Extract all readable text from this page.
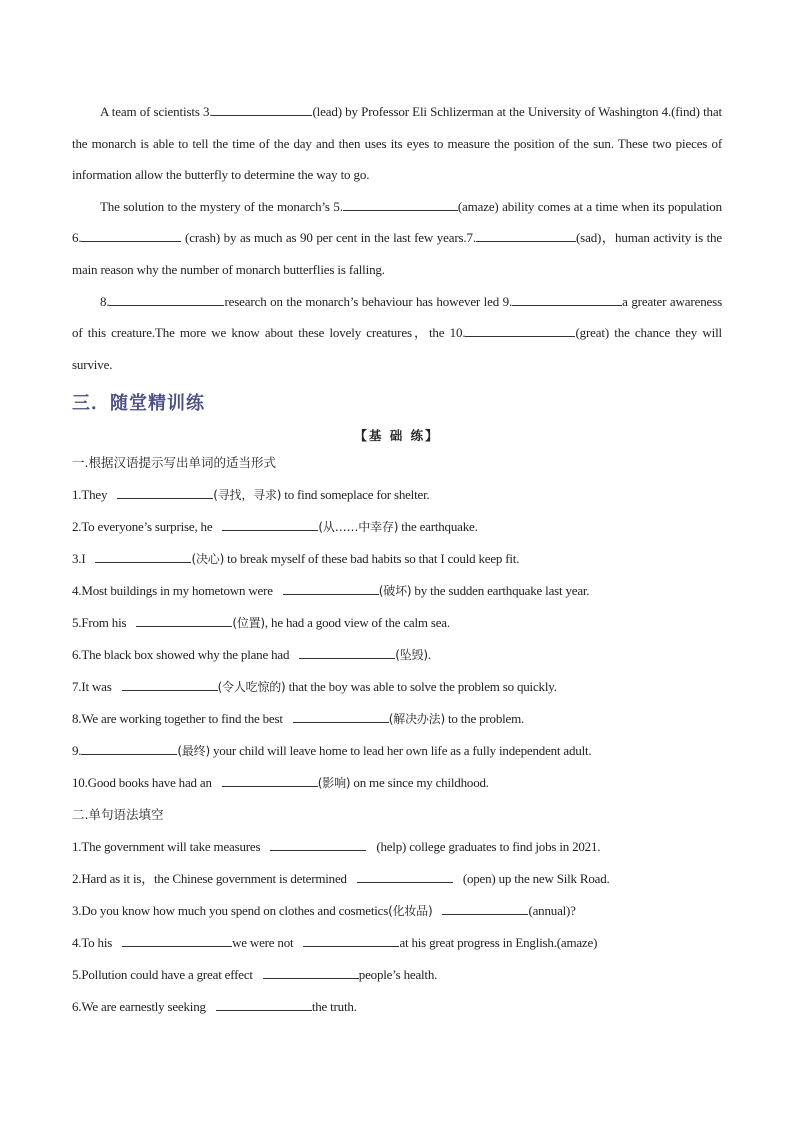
A team of scientists 3.	(lead) by Professor Eli Schlizerman at the University of Washington 4.(find) that the monarch is able to tell the time of the day and then uses its eyes to measure the position of the sun. These two pieces of information allow the butterfly to determine the way to go.

The solution to the mystery of the monarch’s 5.	(amaze) ability comes at a time when its population 6.	(crash) by as much as 90 per cent in the last few years.7.	(sad)，human activity is the main reason why the number of monarch butterflies is falling.

8.	research on the monarch’s behaviour has however led 9.	a greater awareness of this creature.The more we know about these lovely creatures，the 10.	(great) the chance they will survive.

三．随堂精训练
【基 础 练】
一.根据汉语提示写出单词的适当形式
1.They	(寻找，寻求) to find someplace for shelter.
2.To everyone’s surprise, he	(从……中幸存) the earthquake.
3.I	(决心) to break myself of these bad habits so that I could keep fit.
4.Most buildings in my hometown were	(破坏) by the sudden earthquake last year.
5.From his	(位置), he had a good view of the calm sea.
6.The black box showed why the plane had	(坠毁).
7.It was	(令人吃惊的) that the boy was able to solve the problem so quickly.
8.We are working together to find the best	(解决办法) to the problem.
9.	(最终) your child will leave home to lead her own life as a fully independent adult.
10.Good books have had an	(影响) on me since my childhood.
二.单句语法填空
1.The government will take measures	(help) college graduates to find jobs in 2021.
2.Hard as it is，the Chinese government is determined	(open) up the new Silk Road.
3.Do you know how much you spend on clothes and cosmetics(化妆品)	(annual)?
4.To his	we were not	at his great progress in English.(amaze)
5.Pollution could have a great effect	people’s health.
6.We are earnestly seeking	the truth.
